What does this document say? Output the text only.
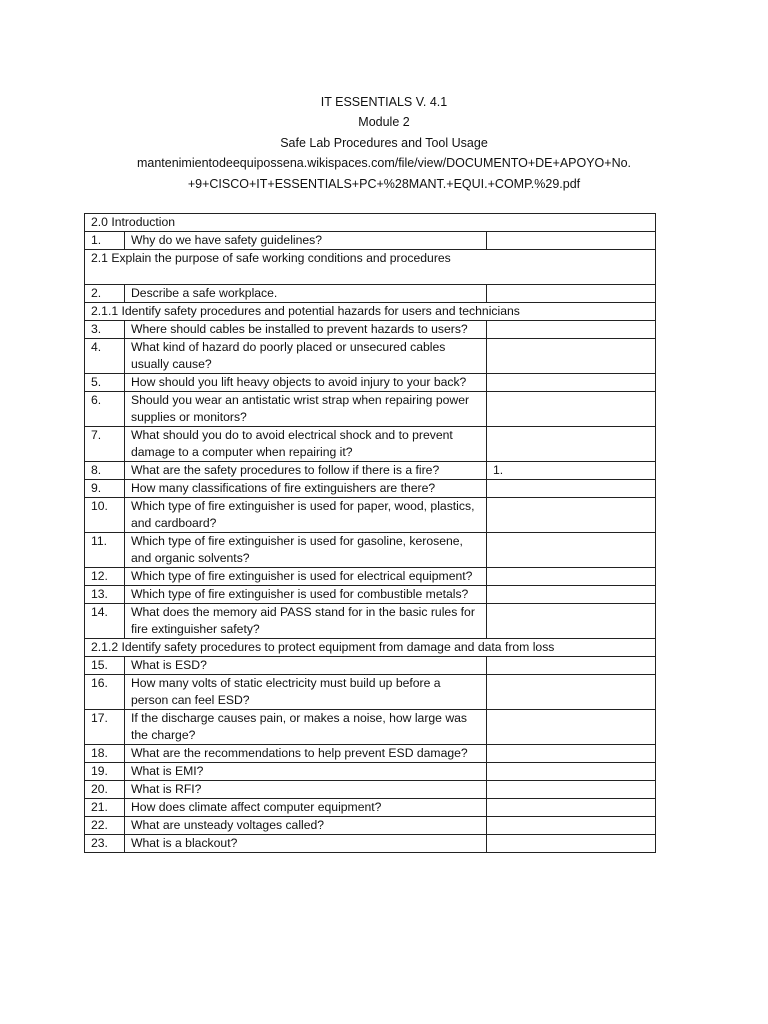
IT ESSENTIALS V. 4.1
Module 2
Safe Lab Procedures and Tool Usage
mantenimientodeequipossena.wikispaces.com/file/view/DOCUMENTO+DE+APOYO+No.
+9+CISCO+IT+ESSENTIALS+PC+%28MANT.+EQUI.+COMP.%29.pdf
2.0 Introduction		
1.	Why do we have safety guidelines?	
2.1 Explain the purpose of safe working conditions and procedures		
2.	Describe a safe workplace.	
2.1.1 Identify safety procedures and potential hazards for users and technicians		
3.	Where should cables be installed to prevent hazards to users?	
4.	What kind of hazard do poorly placed or unsecured cables usually cause?	
5.	How should you lift heavy objects to avoid injury to your back?	
6.	Should you wear an antistatic wrist strap when repairing power supplies or monitors?	
7.	What should you do to avoid electrical shock and to prevent damage to a computer when repairing it?	
8.	What are the safety procedures to follow if there is a fire?	1.
9.	How many classifications of fire extinguishers are there?	
10.	Which type of fire extinguisher is used for paper, wood, plastics, and cardboard?	
11.	Which type of fire extinguisher is used for gasoline, kerosene, and organic solvents?	
12.	Which type of fire extinguisher is used for electrical equipment?	
13.	Which type of fire extinguisher is used for combustible metals?	
14.	What does the memory aid PASS stand for in the basic rules for fire extinguisher safety?	
2.1.2 Identify safety procedures to protect equipment from damage and data from loss		
15.	What is ESD?	
16.	How many volts of static electricity must build up before a person can feel ESD?	
17.	If the discharge causes pain, or makes a noise, how large was the charge?	
18.	What are the recommendations to help prevent ESD damage?	
19.	What is EMI?	
20.	What is RFI?	
21.	How does climate affect computer equipment?	
22.	What are unsteady voltages called?	
23.	What is a blackout?	
